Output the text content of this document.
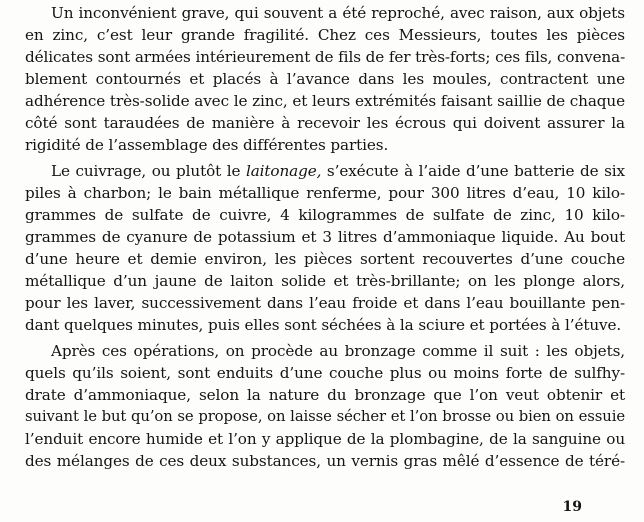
Un inconvénient grave, qui souvent a été reproché, avec raison, aux objets
en zinc, c’est leur grande fragilité. Chez ces Messieurs, toutes les pièces
délicates sont armées intérieurement de fils de fer très-forts; ces fils, convena-
blement contournés et placés à l’avance dans les moules, contractent une
adhérence très-solide avec le zinc, et leurs extrémités faisant saillie de chaque
côté sont taraudées de manière à recevoir les écrous qui doivent assurer la
rigidité de l’assemblage des différentes parties.
Le cuivrage, ou plutôt le laitonage, s’exécute à l’aide d’une batterie de six
piles à charbon; le bain métallique renferme, pour 300 litres d’eau, 10 kilo-
grammes de sulfate de cuivre, 4 kilogrammes de sulfate de zinc, 10 kilo-
grammes de cyanure de potassium et 3 litres d’ammoniaque liquide. Au bout
d’une heure et demie environ, les pièces sortent recouvertes d’une couche
métallique d’un jaune de laiton solide et très-brillante; on les plonge alors,
pour les laver, successivement dans l’eau froide et dans l’eau bouillante pen-
dant quelques minutes, puis elles sont séchées à la sciure et portées à l’étuve.
Après ces opérations, on procède au bronzage comme il suit : les objets,
quels qu’ils soient, sont enduits d’une couche plus ou moins forte de sulfhy-
drate d’ammoniaque, selon la nature du bronzage que l’on veut obtenir et
suivant le but qu’on se propose, on laisse sécher et l’on brosse ou bien on essuie
l’enduit encore humide et l’on y applique de la plombagine, de la sanguine ou
des mélanges de ces deux substances, un vernis gras mêlé d’essence de téré-
19
